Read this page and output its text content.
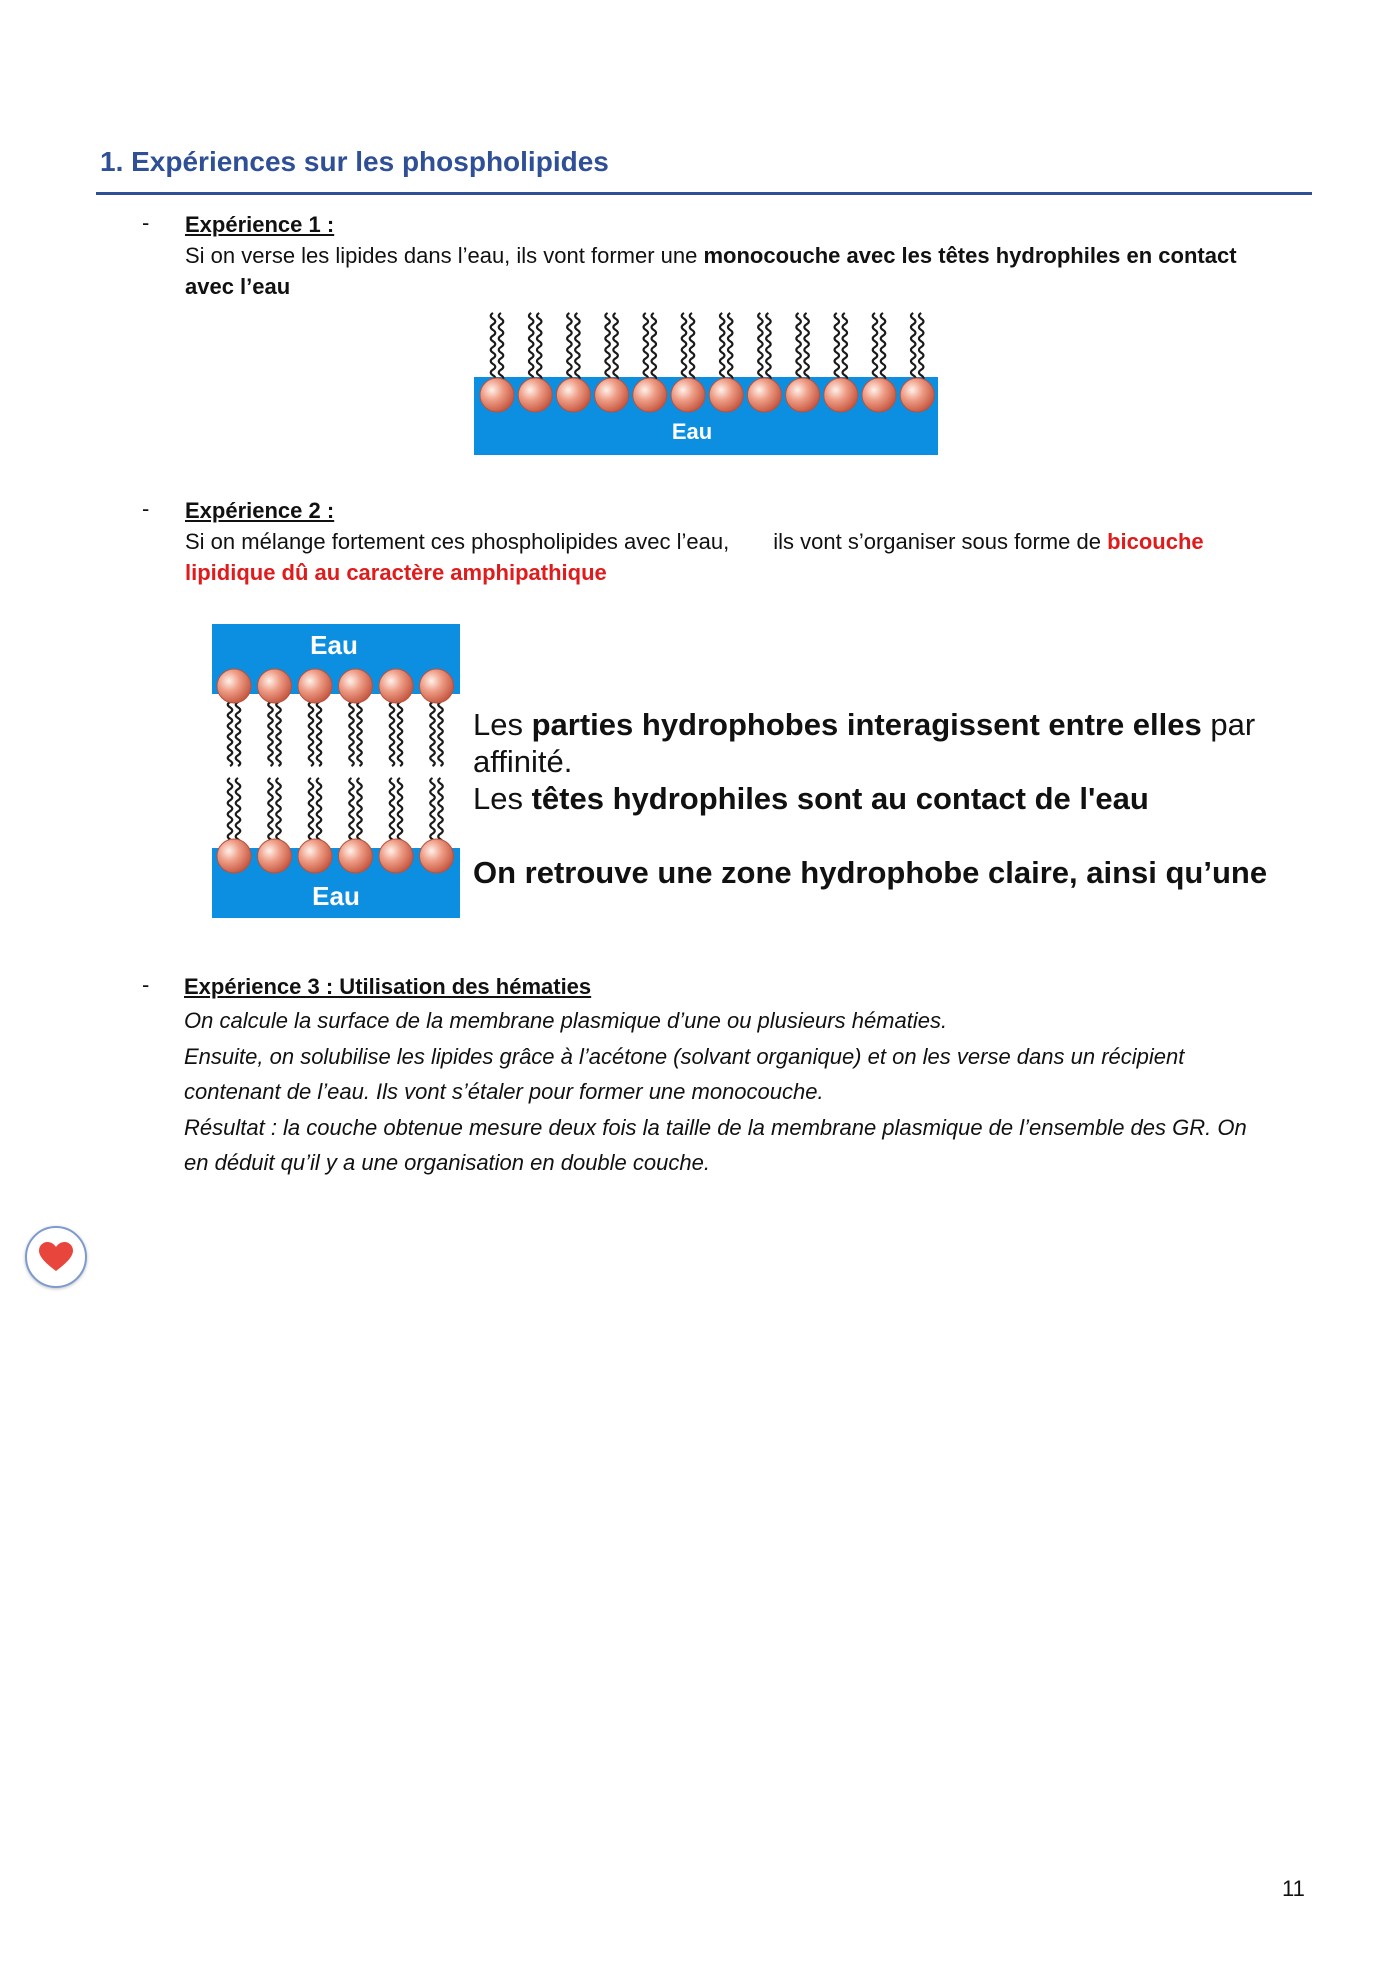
1. Expériences sur les phospholipides
- Expérience 1 :
Si on verse les lipides dans l’eau, ils vont former une monocouche avec les têtes hydrophiles en contact
avec l’eau
Eau
- Expérience 2 :
Si on mélange fortement ces phospholipides avec l’eau, ils vont s’organiser sous forme de bicouche
lipidique dû au caractère amphipathique
Eau
Eau
Les parties hydrophobes interagissent entre elles par
affinité.
Les têtes hydrophiles sont au contact de l'eau
On retrouve une zone hydrophobe claire, ainsi qu’une
- Expérience 3 : Utilisation des hématies
On calcule la surface de la membrane plasmique d’une ou plusieurs hématies.
Ensuite, on solubilise les lipides grâce à l’acétone (solvant organique) et on les verse dans un récipient
contenant de l’eau. Ils vont s’étaler pour former une monocouche.
Résultat : la couche obtenue mesure deux fois la taille de la membrane plasmique de l’ensemble des GR. On
en déduit qu’il y a une organisation en double couche.
11
